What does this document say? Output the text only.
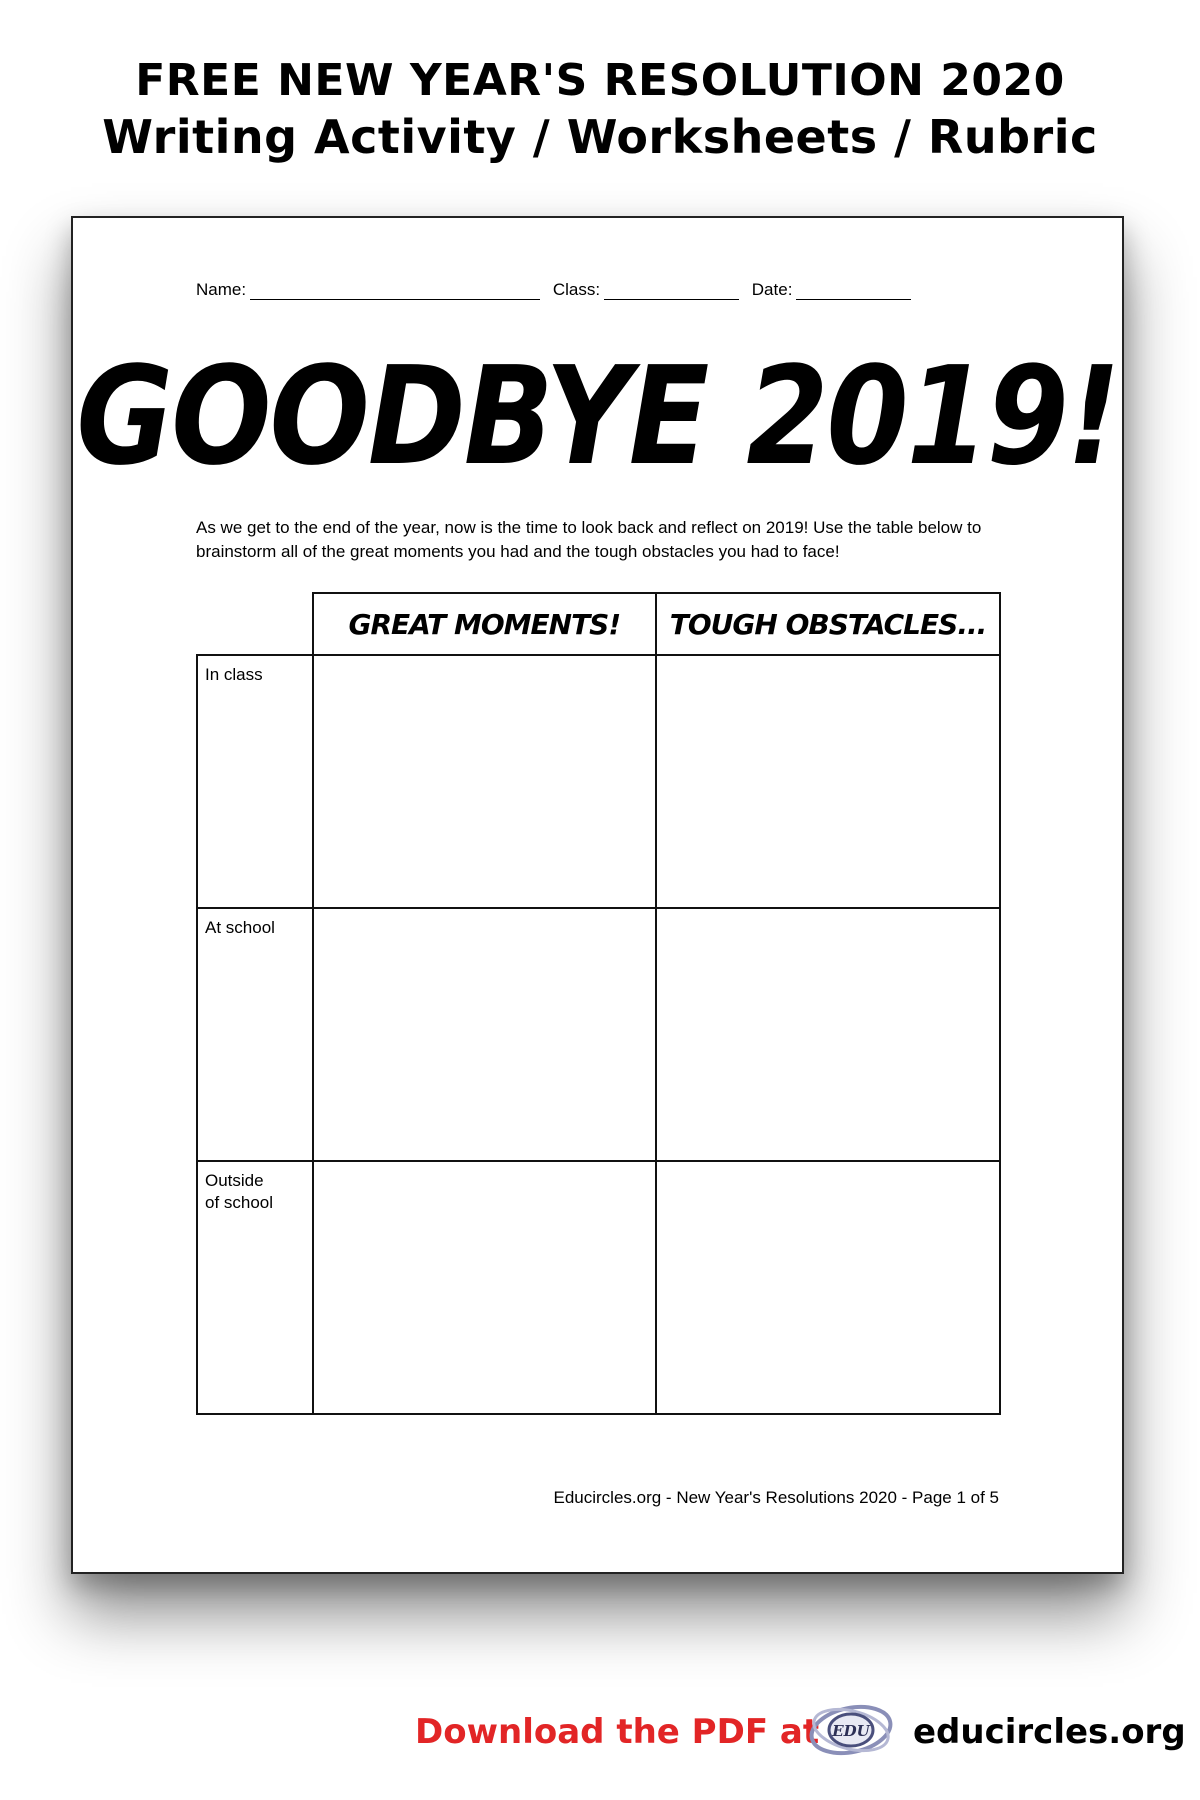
FREE NEW YEAR'S RESOLUTION 2020
Writing Activity / Worksheets / Rubric
Name:	Class:	Date:
GOODBYE 2019!
As we get to the end of the year, now is the time to look back and reflect on 2019! Use the table below to brainstorm all of the great moments you had and the tough obstacles you had to face!
	GREAT MOMENTS!	TOUGH OBSTACLES...

In class		

At school		

Outside of school		

Educircles.org - New Year's Resolutions 2020 - Page 1 of 5
Download the PDF at EDU educircles.org
